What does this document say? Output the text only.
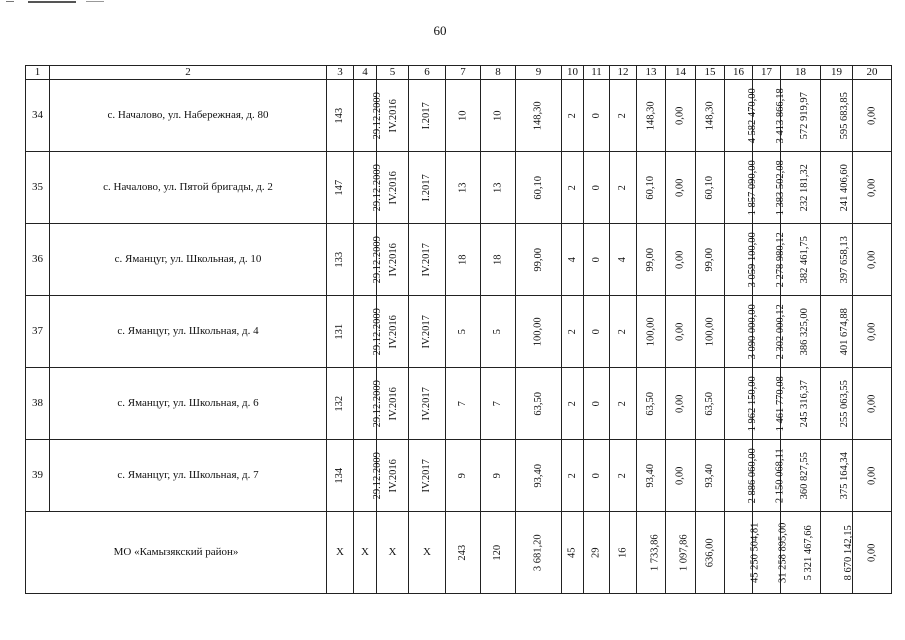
60
1	2	3	4	5	6	7	8	9	10	11	12	13	14	15	16	17	18	19	20
34	с. Началово, ул. Набережная, д. 80	143	29.12.2009	IV.2016	I.2017	10	10	148,30	2	0	2	148,30	0,00	148,30	4 582 470,00	3 413 866,18	572 919,97	595 683,85	0,00
35	с. Началово, ул. Пятой бригады, д. 2	147	29.12.2009	IV.2016	I.2017	13	13	60,10	2	0	2	60,10	0,00	60,10	1 857 090,00	1 383 502,08	232 181,32	241 406,60	0,00
36	с. Яманцуг, ул. Школьная, д. 10	133	29.12.2009	IV.2016	IV.2017	18	18	99,00	4	0	4	99,00	0,00	99,00	3 059 100,00	2 278 980,12	382 461,75	397 658,13	0,00
37	с. Яманцуг, ул. Школьная, д. 4	131	29.12.2009	IV.2016	IV.2017	5	5	100,00	2	0	2	100,00	0,00	100,00	3 090 000,00	2 302 000,12	386 325,00	401 674,88	0,00
38	с. Яманцуг, ул. Школьная, д. 6	132	29.12.2009	IV.2016	IV.2017	7	7	63,50	2	0	2	63,50	0,00	63,50	1 962 150,00	1 461 770,08	245 316,37	255 063,55	0,00
39	с. Яманцуг, ул. Школьная, д. 7	134	29.12.2009	IV.2016	IV.2017	9	9	93,40	2	0	2	93,40	0,00	93,40	2 886 060,00	2 150 068,11	360 827,55	375 164,34	0,00
МО «Камызякский район»		Х	Х	Х	Х	243	120	3 681,20	45	29	16	1 733,86	1 097,86	636,00	45 250 504,81	31 258 895,00	5 321 467,66	8 670 142,15	0,00
